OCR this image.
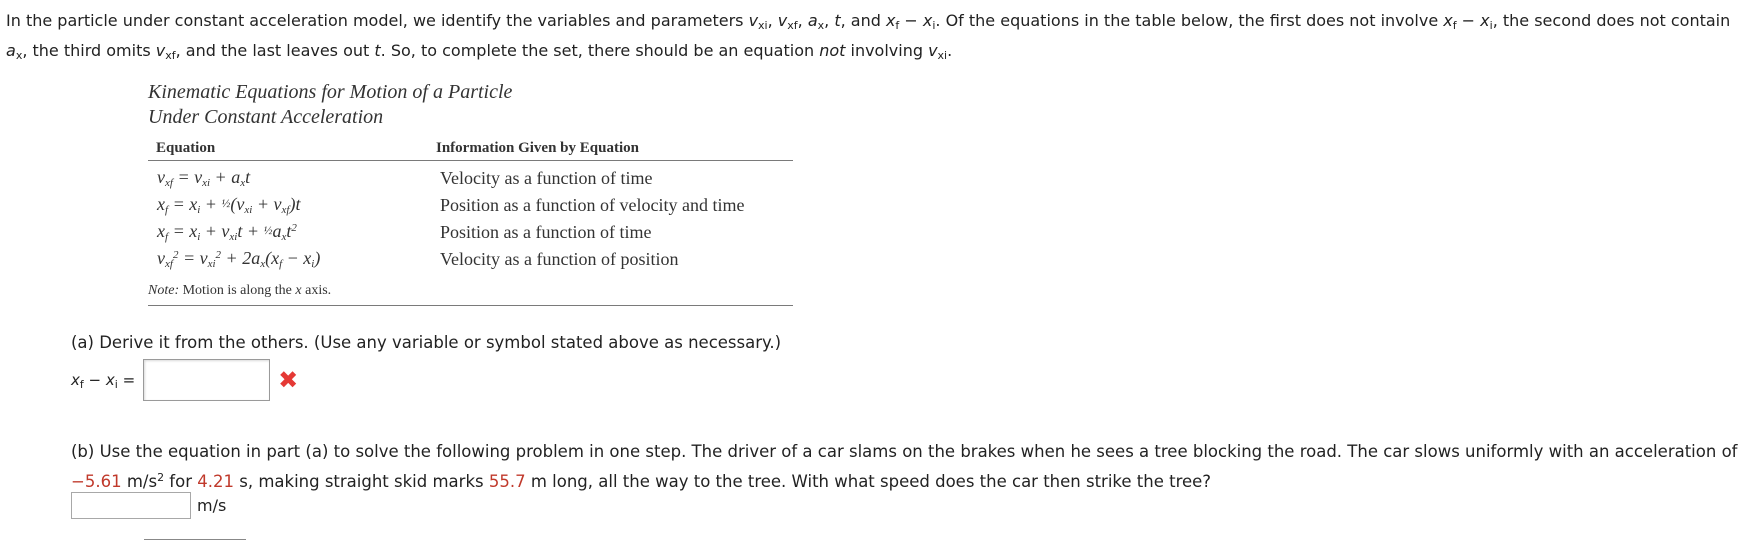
In the particle under constant acceleration model, we identify the variables and parameters $v_{xi}$, $v_{xf}$, $a_x$, t, and $x_f - x_i$. Of the equations in the table below, the first does not involve $x_f - x_i$, the second does not contain $a_x$, the third omits $v_{xf}$, and the last leaves out t. So, to complete the set, there should be an equation not involving $v_{xi}$.
Kinematic Equations for Motion of a Particle
Under Constant Acceleration
Equation	Information Given by Equation
$v_{xf} = v_{xi} + a_xt$	Velocity as a function of time
$x_f = x_i$ + $\frac{1}{2}(v_{xi} + v_{xf})t$	Position as a function of velocity and time
$x_f = x_i + v_{xi}t$ + $\frac{1}{2}a_xt^2$	Position as a function of time
$v_{xf}^2 = v_{xi}^2 + 2a_x(x_f - x_i)$	Velocity as a function of position
Note: Motion is along the x axis.
(a) Derive it from the others. (Use any variable or symbol stated above as necessary.)
$x_f - x_i$ =	✖
(b) Use the equation in part (a) to solve the following problem in one step. The driver of a car slams on the brakes when he sees a tree blocking the road. The car slows uniformly with an acceleration of −5.61 $m/s^2$ for 4.21 s, making straight skid marks 55.7 m long, all the way to the tree. With what speed does the car then strike the tree?
m/s
